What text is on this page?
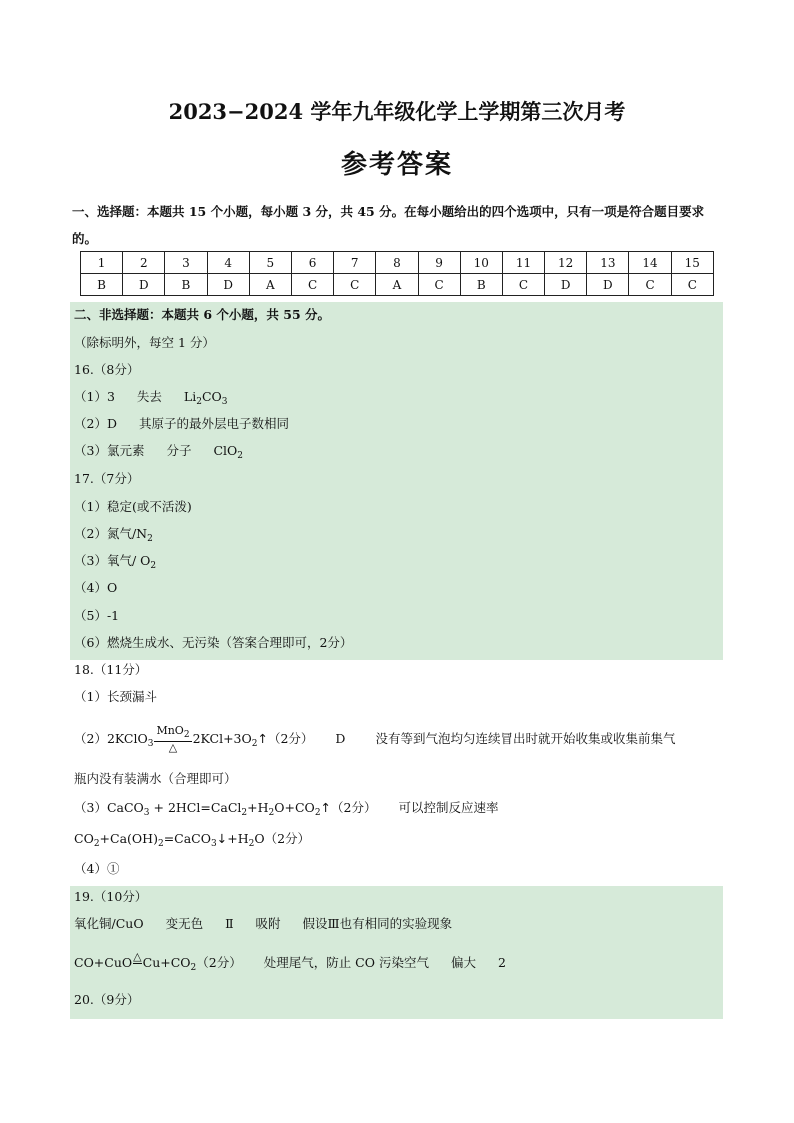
2023−2024 学年九年级化学上学期第三次月考
参考答案
一、选择题：本题共 15 个小题，每小题 3 分，共 45 分。在每小题给出的四个选项中，只有一项是符合题目要求的。
1	2	3	4	5	6	7	8	9	10	11	12	13	14	15
B	D	B	D	A	C	C	A	C	B	C	D	D	C	C
二、非选择题：本题共 6 个小题，共 55 分。
（除标明外，每空 1 分）
16.（8分）
（1）3 失去 $Li_2CO_3$
（2）D 其原子的最外层电子数相同
（3）氯元素 分子 ClO$_2$
17.（7分）
（1）稳定(或不活泼)
（2）氮气$/N_2$
（3）氧气/ $O_2$
（4）O
（5）-1
（6）燃烧生成水、无污染（答案合理即可，2分）
18.（11分）
（1）长颈漏斗
（2）2KClO$_3$ $\frac{MnO_2}{\triangle}$ $2KCl+3O_2↑(2$分） D 没有等到气泡均匀连续冒出时就开始收集或收集前集气
瓶内没有装满水（合理即可）
（3）CaCO$_3$ + $2HCl=CaCl_2+H_2O+CO_2↑(2$分） 可以控制反应速率
$CO_2+Ca(OH)_2=CaCO_3↓+H_2O(2$分）
（4）①
19.（10分）
氧化铜/CuO 变无色 Ⅱ 吸附 假设Ⅲ也有相同的实验现象
CO+CuO △
$Cu+CO_2(2$分） 处理尾气，防止 CO 污染空气 偏大 2
20.（9分）
